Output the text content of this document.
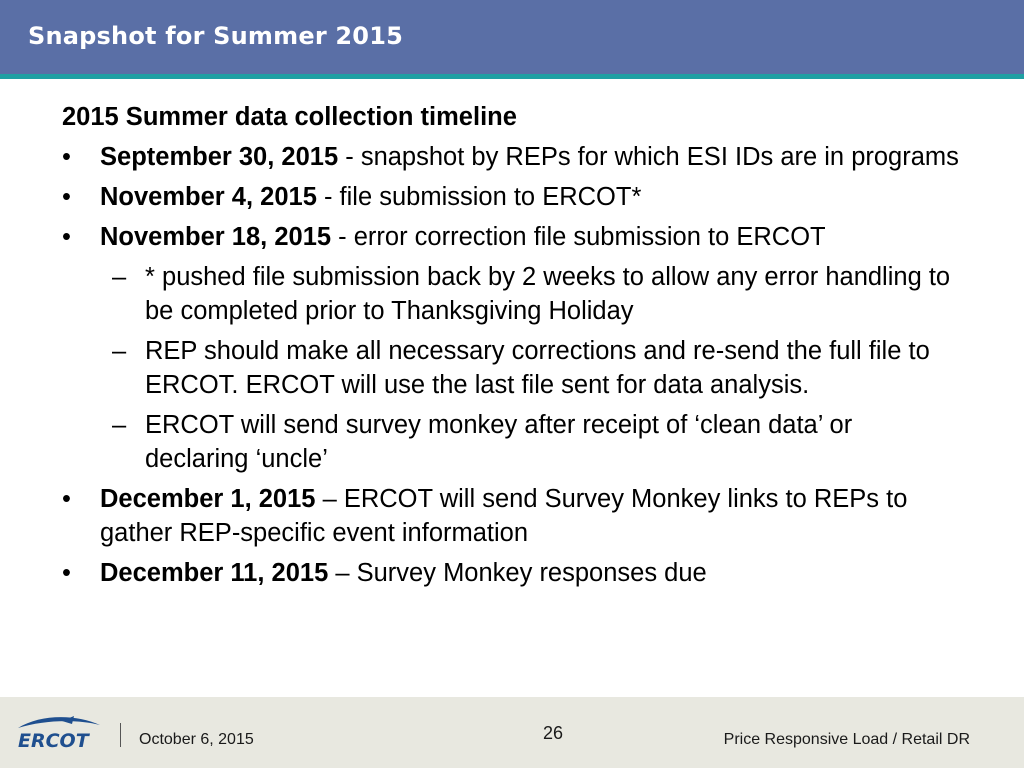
Snapshot for Summer 2015
2015 Summer data collection timeline
• September 30, 2015 - snapshot by REPs for which ESI IDs are in programs
• November 4, 2015 - file submission to ERCOT*
• November 18, 2015 - error correction file submission to ERCOT
– * pushed file submission back by 2 weeks to allow any error handling to be completed prior to Thanksgiving Holiday
– REP should make all necessary corrections and re-send the full file to ERCOT. ERCOT will use the last file sent for data analysis.
– ERCOT will send survey monkey after receipt of ‘clean data’ or declaring ‘uncle’
• December 1, 2015 – ERCOT will send Survey Monkey links to REPs to gather REP-specific event information
• December 11, 2015 – Survey Monkey responses due
ERCOT	October 6, 2015	26	Price Responsive Load / Retail DR
